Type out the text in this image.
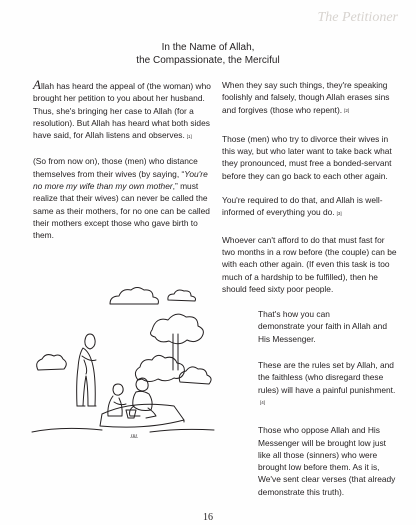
The Petitioner
In the Name of Allah,
the Compassionate, the Merciful

Allah has heard the appeal of (the woman) who brought her petition to you about her husband. Thus, she's bringing her case to Allah (for a resolution). But Allah has heard what both sides have said, for Allah listens and observes. [1]

(So from now on), those (men) who distance themselves from their wives (by saying, “You're no more my wife than my own mother,” must realize that their wives) can never be called the same as their mothers, for no one can be called their mothers except those who gave birth to them.

JBL

When they say such things, they're speaking foolishly and falsely, though Allah erases sins and forgives (those who repent). [2]

Those (men) who try to divorce their wives in this way, but who later want to take back what they pronounced, must free a bonded-servant before they can go back to each other again.

You're required to do that, and Allah is well-informed of everything you do. [3]

Whoever can't afford to do that must fast for two months in a row before (the couple) can be with each other again. (If even this task is too much of a hardship to be fulfilled), then he should feed sixty poor people.

That's how you can
demonstrate your faith in Allah and His Messenger.

These are the rules set by Allah, and the faithless (who disregard these rules) will have a painful punishment.[4]

Those who oppose Allah and His Messenger will be brought low just like all those (sinners) who were brought low before them. As it is, We've sent clear verses (that already demonstrate this truth).

16
